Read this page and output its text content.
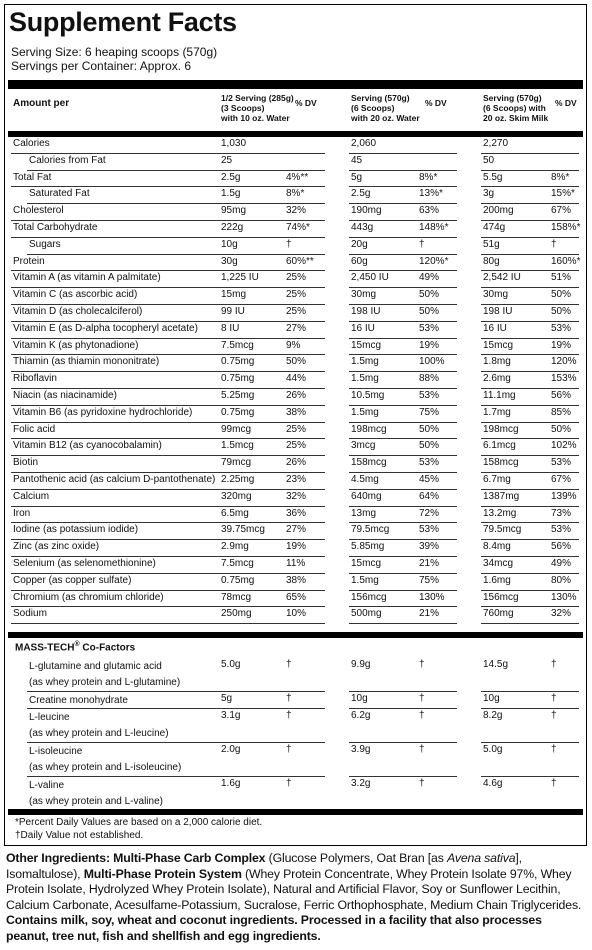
Supplement Facts
Serving Size: 6 heaping scoops (570g)
Servings per Container: Approx. 6
Amount per	1/2 Serving (285g)
(3 Scoops)
with 10 oz. Water
% DV	Serving (570g)
(6 Scoops)
with 20 oz. Water
% DV	Serving (570g)
(6 Scoops) with
20 oz. Skim Milk
% DV
Calories	1,030	2,060	2,270
Calories from Fat	25	45	50
Total Fat	2.5g	4%**	5g	8%*	5.5g	8%*
Saturated Fat	1.5g	8%*	2.5g	13%*	3g	15%*
Cholesterol	95mg	32%	190mg	63%	200mg	67%
Total Carbohydrate	222g	74%*	443g	148%*	474g	158%*
Sugars	10g	†	20g	†	51g	†
Protein	30g	60%**	60g	120%*	80g	160%*
Vitamin A (as vitamin A palmitate)	1,225 IU	25%	2,450 IU	49%	2,542 IU	51%
Vitamin C (as ascorbic acid)	15mg	25%	30mg	50%	30mg	50%
Vitamin D (as cholecalciferol)	99 IU	25%	198 IU	50%	198 IU	50%
Vitamin E (as D-alpha tocopheryl acetate) 8 IU	27%	16 IU	53%	16 IU	53%
Vitamin K (as phytonadione)	7.5mcg	9%	15mcg	19%	15mcg	19%
Thiamin (as thiamin mononitrate)	0.75mg	50%	1.5mg	100%	1.8mg	120%
Riboflavin	0.75mg	44%	1.5mg	88%	2.6mg	153%
Niacin (as niacinamide)	5.25mg	26%	10.5mg	53%	11.1mg	56%
Vitamin B6 (as pyridoxine hydrochloride)	0.75mg	38%	1.5mg	75%	1.7mg	85%
Folic acid	99mcg	25%	198mcg	50%	198mcg	50%
Vitamin B12 (as cyanocobalamin)	1.5mcg	25%	3mcg	50%	6.1mcg	102%
Biotin	79mcg	26%	158mcg	53%	158mcg	53%
Pantothenic acid (as calcium D-pantothenate) 2.25mg	23%	4.5mg	45%	6.7mg	67%
Calcium	320mg	32%	640mg	64%	1387mg	139%
Iron	6.5mg	36%	13mg	72%	13.2mg	73%
Iodine (as potassium iodide)	39.75mcg 27%	79.5mcg	53%	79.5mcg	53%
Zinc (as zinc oxide)	2.9mg	19%	5.85mg	39%	8.4mg	56%
Selenium (as selenomethionine)	7.5mcg	11%	15mcg	21%	34mcg	49%
Copper (as copper sulfate)	0.75mg	38%	1.5mg	75%	1.6mg	80%
Chromium (as chromium chloride)	78mcg	65%	156mcg	130%	156mcg	130%
Sodium	250mg	10%	500mg	21%	760mg	32%
MASS-TECH® Co-Factors
L-glutamine and glutamic acid
(as whey protein and L-glutamine)
5.0g	†	9.9g	†	14.5g	†
Creatine monohydrate	5g	†	10g	†	10g	†
L-leucine
(as whey protein and L-leucine)
3.1g	†	6.2g	†	8.2g	†
L-isoleucine
(as whey protein and L-isoleucine)
2.0g	†	3.9g	†	5.0g	†
L-valine
(as whey protein and L-valine)
1.6g	†	3.2g	†	4.6g	†
*Percent Daily Values are based on a 2,000 calorie diet.
†Daily Value not established.
Other Ingredients: Multi-Phase Carb Complex (Glucose Polymers, Oat Bran [as Avena sativa], Isomaltulose), Multi-Phase Protein System (Whey Protein Concentrate, Whey Protein Isolate 97%, Whey Protein Isolate, Hydrolyzed Whey Protein Isolate), Natural and Artificial Flavor, Soy or Sunflower Lecithin, Calcium Carbonate, Acesulfame-Potassium, Sucralose, Ferric Orthophosphate, Medium Chain Triglycerides. Contains milk, soy, wheat and coconut ingredients. Processed in a facility that also processes peanut, tree nut, fish and shellfish and egg ingredients.
